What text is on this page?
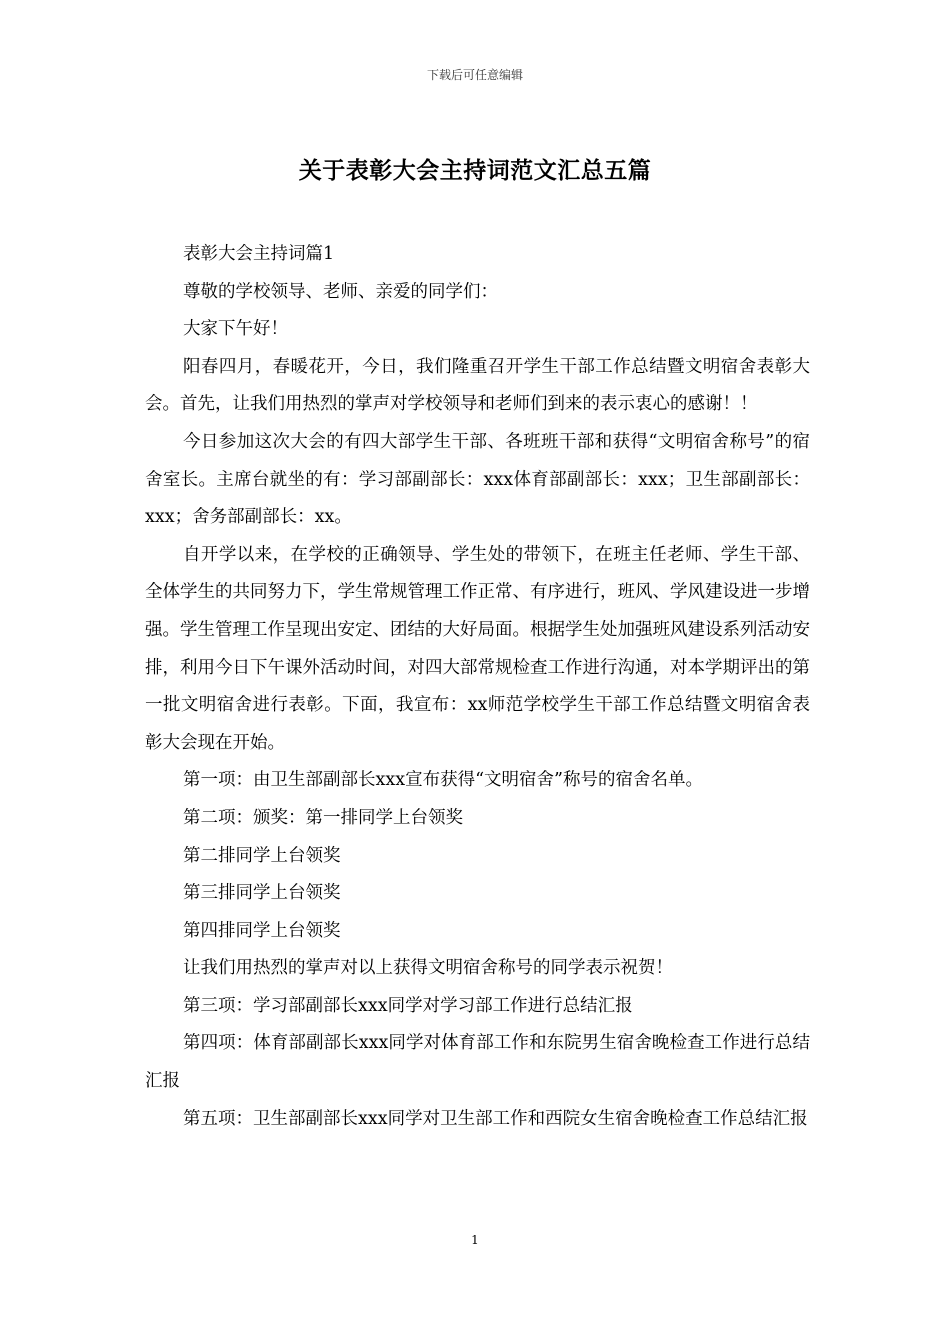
下载后可任意编辑
关于表彰大会主持词范文汇总五篇

表彰大会主持词篇1

尊敬的学校领导、老师、亲爱的同学们：

大家下午好！

阳春四月，春暖花开，今日，我们隆重召开学生干部工作总结暨文明宿舍表彰大会。首先，让我们用热烈的掌声对学校领导和老师们到来的表示衷心的感谢！！

今日参加这次大会的有四大部学生干部、各班班干部和获得“文明宿舍称号”的宿舍室长。主席台就坐的有：学习部副部长：xxx体育部副部长：xxx；卫生部副部长：xxx；舍务部副部长：xx。

自开学以来，在学校的正确领导、学生处的带领下，在班主任老师、学生干部、全体学生的共同努力下，学生常规管理工作正常、有序进行，班风、学风建设进一步增强。学生管理工作呈现出安定、团结的大好局面。根据学生处加强班风建设系列活动安排，利用今日下午课外活动时间，对四大部常规检查工作进行沟通，对本学期评出的第一批文明宿舍进行表彰。下面，我宣布：xx师范学校学生干部工作总结暨文明宿舍表彰大会现在开始。

第一项：由卫生部副部长xxx宣布获得“文明宿舍”称号的宿舍名单。

第二项：颁奖：第一排同学上台领奖

第二排同学上台领奖

第三排同学上台领奖

第四排同学上台领奖

让我们用热烈的掌声对以上获得文明宿舍称号的同学表示祝贺！

第三项：学习部副部长xxx同学对学习部工作进行总结汇报

第四项：体育部副部长xxx同学对体育部工作和东院男生宿舍晚检查工作进行总结汇报

第五项：卫生部副部长xxx同学对卫生部工作和西院女生宿舍晚检查工作总结汇报

1
